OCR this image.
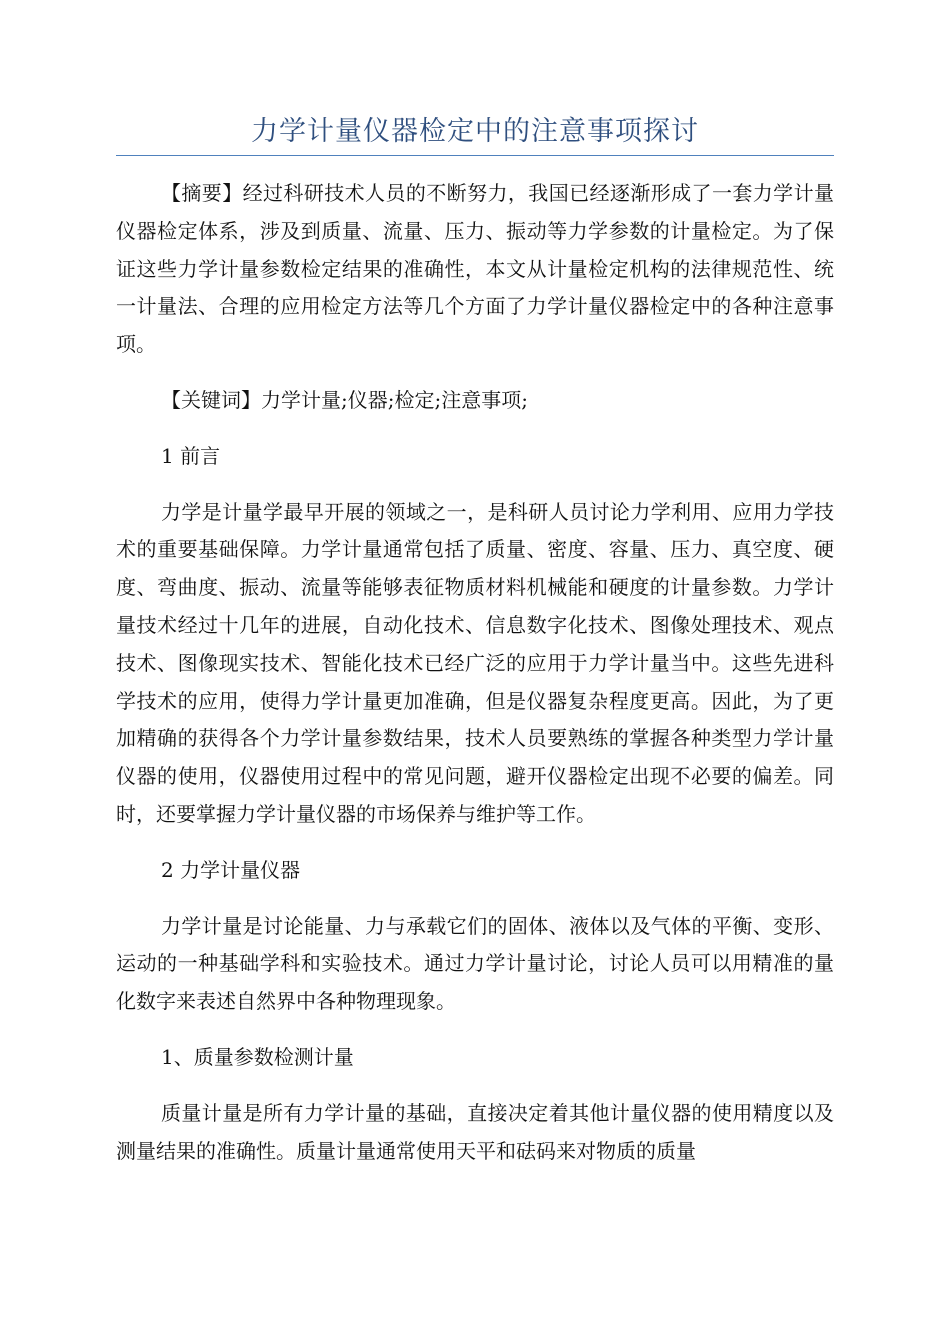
力学计量仪器检定中的注意事项探讨

【摘要】经过科研技术人员的不断努力，我国已经逐渐形成了一套力学计量仪器检定体系，涉及到质量、流量、压力、振动等力学参数的计量检定。为了保证这些力学计量参数检定结果的准确性，本文从计量检定机构的法律规范性、统一计量法、合理的应用检定方法等几个方面了力学计量仪器检定中的各种注意事项。

【关键词】力学计量;仪器;检定;注意事项;

1 前言

力学是计量学最早开展的领域之一，是科研人员讨论力学利用、应用力学技术的重要基础保障。力学计量通常包括了质量、密度、容量、压力、真空度、硬度、弯曲度、振动、流量等能够表征物质材料机械能和硬度的计量参数。力学计量技术经过十几年的进展，自动化技术、信息数字化技术、图像处理技术、观点技术、图像现实技术、智能化技术已经广泛的应用于力学计量当中。这些先进科学技术的应用，使得力学计量更加准确，但是仪器复杂程度更高。因此，为了更加精确的获得各个力学计量参数结果，技术人员要熟练的掌握各种类型力学计量仪器的使用，仪器使用过程中的常见问题，避开仪器检定出现不必要的偏差。同时，还要掌握力学计量仪器的市场保养与维护等工作。

2 力学计量仪器

力学计量是讨论能量、力与承载它们的固体、液体以及气体的平衡、变形、运动的一种基础学科和实验技术。通过力学计量讨论，讨论人员可以用精准的量化数字来表述自然界中各种物理现象。

1、质量参数检测计量

质量计量是所有力学计量的基础，直接决定着其他计量仪器的使用精度以及测量结果的准确性。质量计量通常使用天平和砝码来对物质的质量
